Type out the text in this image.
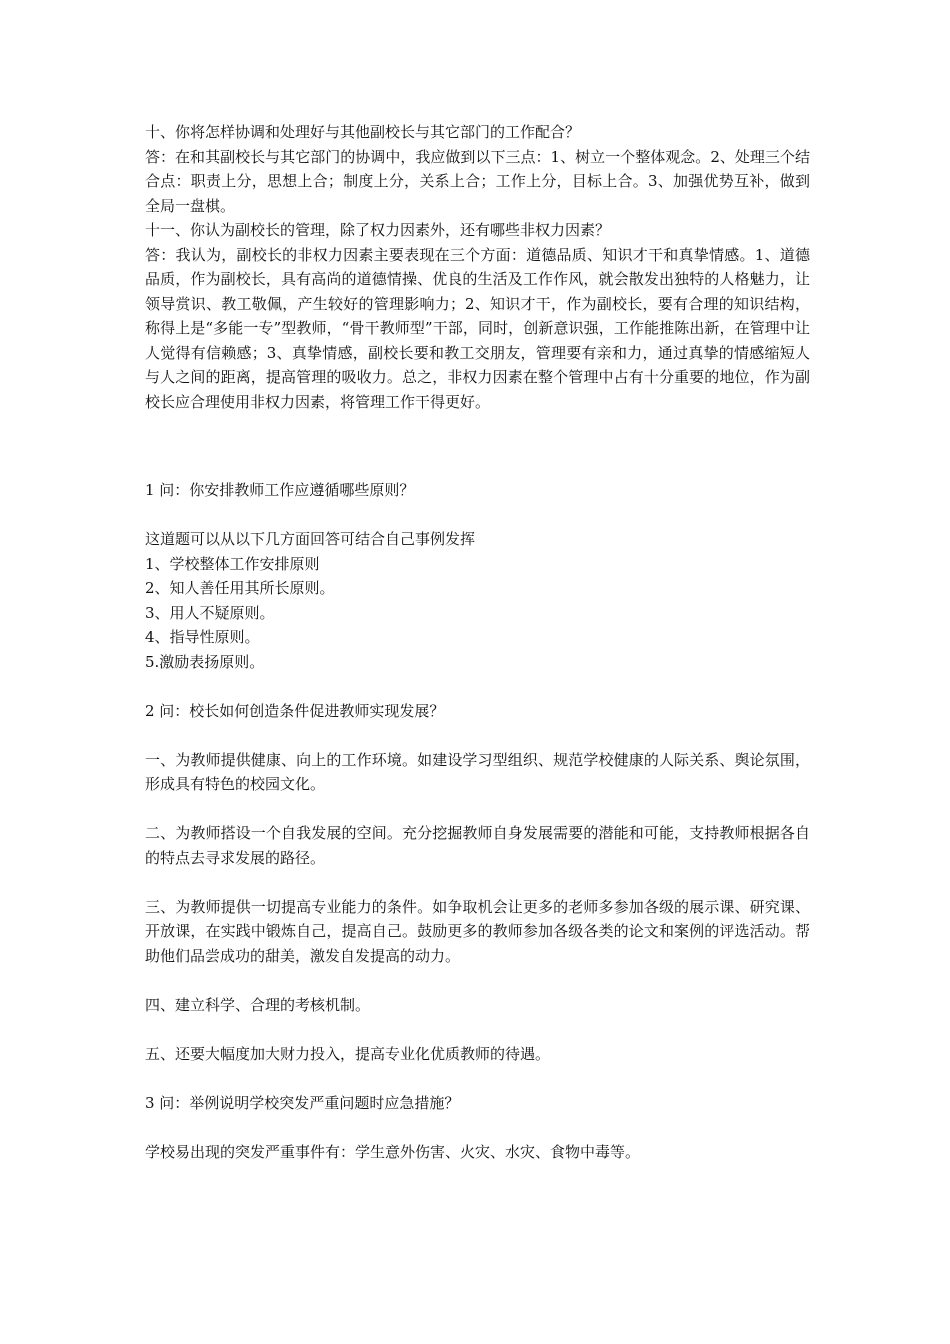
十、你将怎样协调和处理好与其他副校长与其它部门的工作配合？

答：在和其副校长与其它部门的协调中，我应做到以下三点：1、树立一个整体观念。2、处理三个结合点：职责上分，思想上合；制度上分，关系上合；工作上分，目标上合。3、加强优势互补，做到全局一盘棋。

十一、你认为副校长的管理，除了权力因素外，还有哪些非权力因素？

答：我认为，副校长的非权力因素主要表现在三个方面：道德品质、知识才干和真挚情感。1、道德品质，作为副校长，具有高尚的道德情操、优良的生活及工作作风，就会散发出独特的人格魅力，让领导赏识、教工敬佩，产生较好的管理影响力；2、知识才干，作为副校长，要有合理的知识结构，称得上是“多能一专”型教师，“骨干教师型”干部，同时，创新意识强，工作能推陈出新，在管理中让人觉得有信赖感；3、真挚情感，副校长要和教工交朋友，管理要有亲和力，通过真挚的情感缩短人与人之间的距离，提高管理的吸收力。总之，非权力因素在整个管理中占有十分重要的地位，作为副校长应合理使用非权力因素，将管理工作干得更好。

1 问：你安排教师工作应遵循哪些原则？

这道题可以从以下几方面回答可结合自己事例发挥

1、学校整体工作安排原则

2、知人善任用其所长原则。

3、用人不疑原则。

4、指导性原则。

5.激励表扬原则。

2 问：校长如何创造条件促进教师实现发展？

一、为教师提供健康、向上的工作环境。如建设学习型组织、规范学校健康的人际关系、舆论氛围，形成具有特色的校园文化。

二、为教师搭设一个自我发展的空间。充分挖掘教师自身发展需要的潜能和可能，支持教师根据各自的特点去寻求发展的路径。

三、为教师提供一切提高专业能力的条件。如争取机会让更多的老师多参加各级的展示课、研究课、开放课，在实践中锻炼自己，提高自己。鼓励更多的教师参加各级各类的论文和案例的评选活动。帮助他们品尝成功的甜美，激发自发提高的动力。

四、建立科学、合理的考核机制。

五、还要大幅度加大财力投入，提高专业化优质教师的待遇。

3 问：举例说明学校突发严重问题时应急措施？

学校易出现的突发严重事件有：学生意外伤害、火灾、水灾、食物中毒等。
